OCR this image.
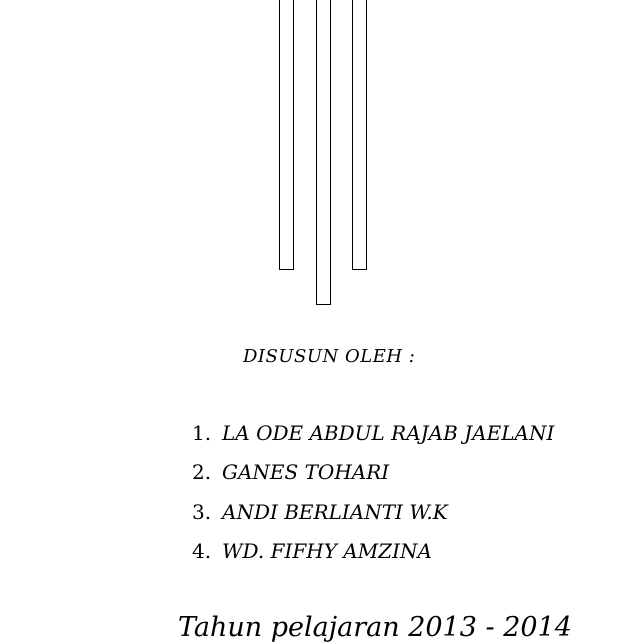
DISUSUN OLEH :
1. LA ODE ABDUL RAJAB JAELANI
2. GANES TOHARI
3. ANDI BERLIANTI W.K
4. WD. FIFHY AMZINA
Tahun pelajaran 2013 - 2014
